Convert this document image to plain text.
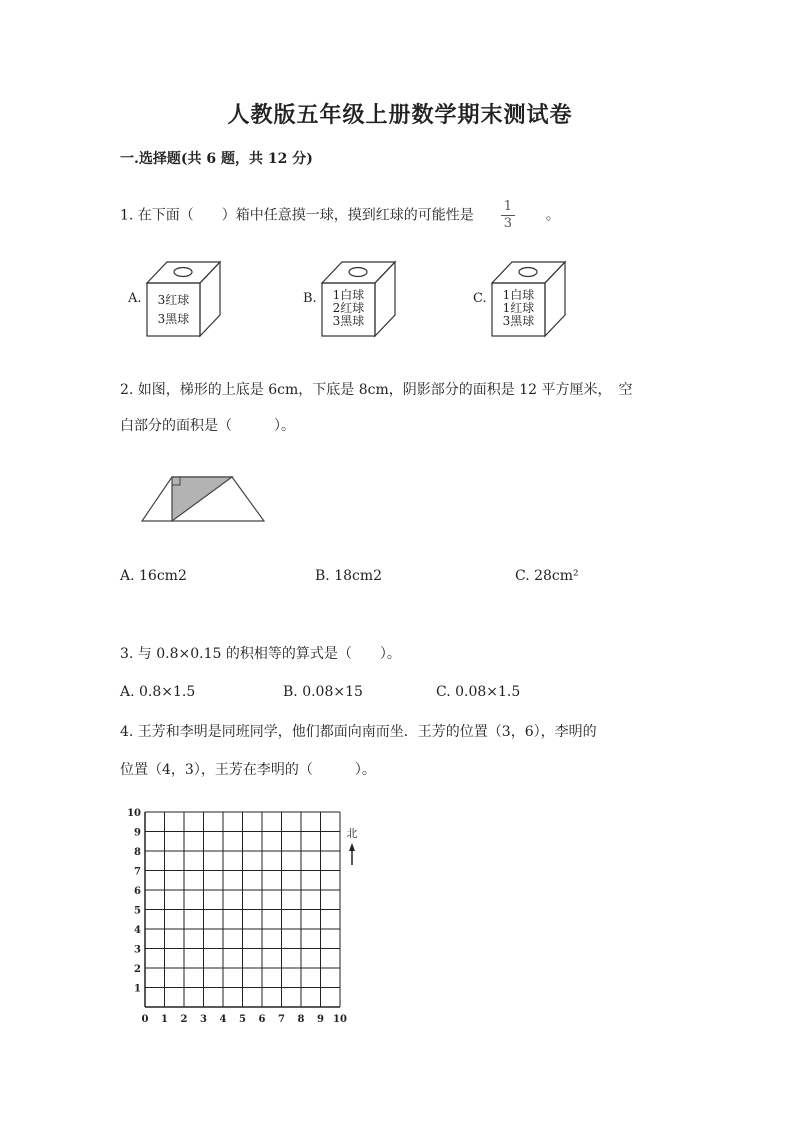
人教版五年级上册数学期末测试卷
一.选择题(共 6 题，共 12 分)
1. 在下面（　　）箱中任意摸一球，摸到红球的可能性是 $\frac{1}{3}$ 。
A. 3红球
3黑球
B. 1白球
2红球
3黑球
C. 1白球
1红球
3黑球
2. 如图，梯形的上底是 6cm，下底是 8cm，阴影部分的面积是 12 平方厘米，　空
白部分的面积是（　　　）。
A. 16cm2	B. 18cm2	C. 28cm²
3. 与 0.8×0.15 的积相等的算式是（　　）。
A. 0.8×1.5	B. 0.08×15	C. 0.08×1.5
4. 王芳和李明是同班同学，他们都面向南而坐．王芳的位置（3，6），李明的
位置（4，3），王芳在李明的（　　　）。
0 1 2 3 4 5 6 7 8 9 10
1
2
3
4
5
6
7
8
9
10
北
